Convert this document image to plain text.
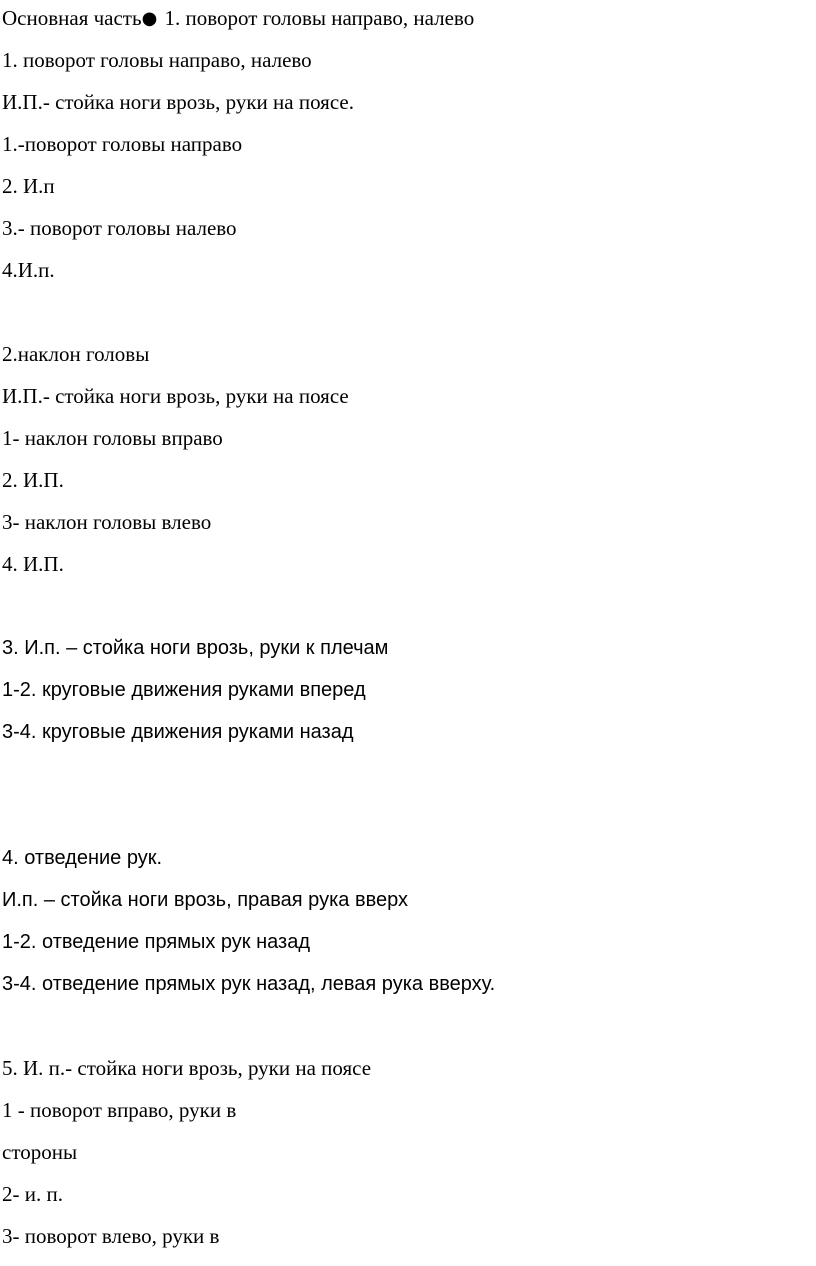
Основная часть● 1. поворот головы направо, налево

1. поворот головы направо, налево

И.П.- стойка ноги врозь, руки на поясе.

1.-поворот головы направо

2. И.п

3.- поворот головы налево

4.И.п.

2.наклон головы

И.П.- стойка ноги врозь, руки на поясе

1- наклон головы вправо

2. И.П.

3- наклон головы влево

4. И.П.

3. И.п. – стойка ноги врозь, руки к плечам

1-2. круговые движения руками вперед

3-4. круговые движения руками назад

4. отведение рук.

И.п. – стойка ноги врозь, правая рука вверх

1-2. отведение прямых рук назад

3-4. отведение прямых рук назад, левая рука вверху.

5. И. п.- стойка ноги врозь, руки на поясе

1 - поворот вправо, руки в

стороны

2- и. п.

3- поворот влево, руки в
